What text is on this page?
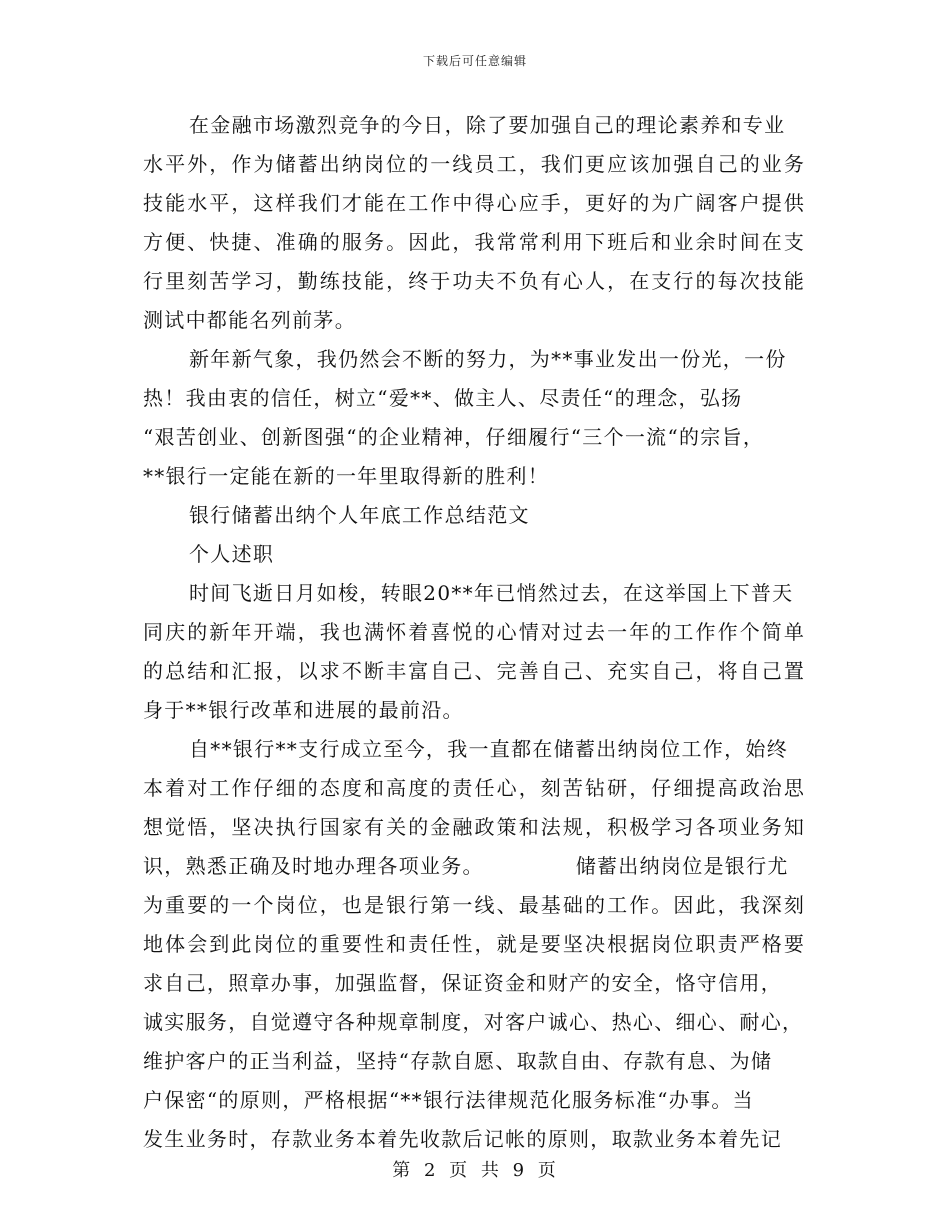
下载后可任意编辑
在金融市场激烈竞争的今日，除了要加强自己的理论素养和专业
水平外，作为储蓄出纳岗位的一线员工，我们更应该加强自己的业务
技能水平，这样我们才能在工作中得心应手，更好的为广阔客户提供
方便、快捷、准确的服务。因此，我常常利用下班后和业余时间在支
行里刻苦学习，勤练技能，终于功夫不负有心人，在支行的每次技能
测试中都能名列前茅。
新年新气象，我仍然会不断的努力，为**事业发出一份光，一份
热！我由衷的信任，树立“爱**、做主人、尽责任“的理念，弘扬
“艰苦创业、创新图强“的企业精神，仔细履行“三个一流“的宗旨，
**银行一定能在新的一年里取得新的胜利！
银行储蓄出纳个人年底工作总结范文
个人述职
时间飞逝日月如梭，转眼20**年已悄然过去，在这举国上下普天
同庆的新年开端，我也满怀着喜悦的心情对过去一年的工作作个简单
的总结和汇报，以求不断丰富自己、完善自己、充实自己，将自己置
身于**银行改革和进展的最前沿。
自**银行**支行成立至今，我一直都在储蓄出纳岗位工作，始终
本着对工作仔细的态度和高度的责任心，刻苦钻研，仔细提高政治思
想觉悟，坚决执行国家有关的金融政策和法规，积极学习各项业务知
识，熟悉正确及时地办理各项业务。            储蓄出纳岗位是银行尤
为重要的一个岗位，也是银行第一线、最基础的工作。因此，我深刻
地体会到此岗位的重要性和责任性，就是要坚决根据岗位职责严格要
求自己，照章办事，加强监督，保证资金和财产的安全，恪守信用，
诚实服务，自觉遵守各种规章制度，对客户诚心、热心、细心、耐心，
维护客户的正当利益，坚持“存款自愿、取款自由、存款有息、为储
户保密“的原则，严格根据“**银行法律规范化服务标准“办事。当
发生业务时，存款业务本着先收款后记帐的原则，取款业务本着先记
第 2 页 共 9 页
